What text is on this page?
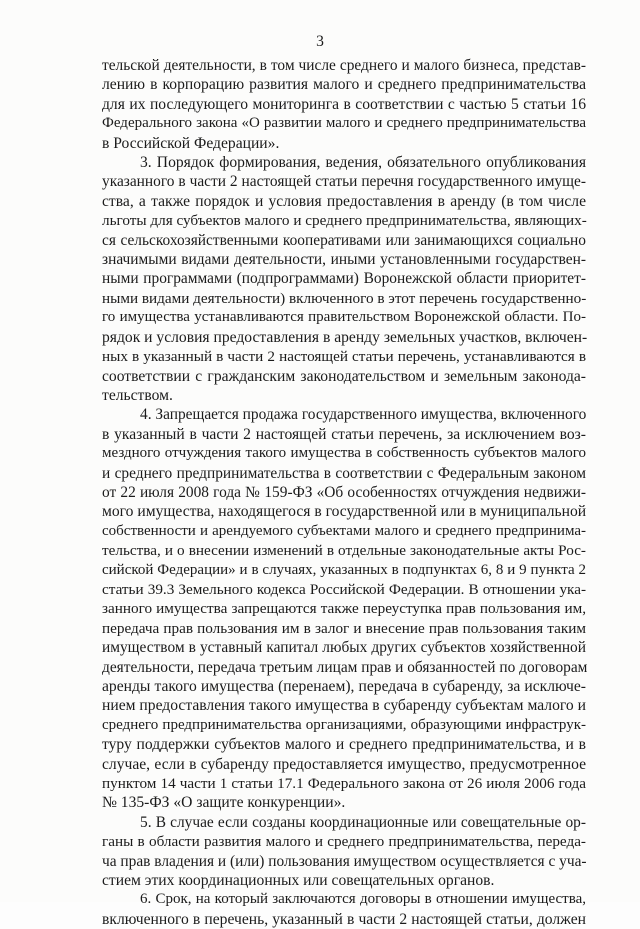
3
тельской деятельности, в том числе среднего и малого бизнеса, представ-
лению в корпорацию развития малого и среднего предпринимательства
для их последующего мониторинга в соответствии с частью 5 статьи 16
Федерального закона «О развитии малого и среднего предпринимательства
в Российской Федерации».
3. Порядок формирования, ведения, обязательного опубликования
указанного в части 2 настоящей статьи перечня государственного имуще-
ства, а также порядок и условия предоставления в аренду (в том числе
льготы для субъектов малого и среднего предпринимательства, являющих-
ся сельскохозяйственными кооперативами или занимающихся социально
значимыми видами деятельности, иными установленными государствен-
ными программами (подпрограммами) Воронежской области приоритет-
ными видами деятельности) включенного в этот перечень государственно-
го имущества устанавливаются правительством Воронежской области. По-
рядок и условия предоставления в аренду земельных участков, включен-
ных в указанный в части 2 настоящей статьи перечень, устанавливаются в
соответствии с гражданским законодательством и земельным законода-
тельством.
4. Запрещается продажа государственного имущества, включенного
в указанный в части 2 настоящей статьи перечень, за исключением воз-
мездного отчуждения такого имущества в собственность субъектов малого
и среднего предпринимательства в соответствии с Федеральным законом
от 22 июля 2008 года № 159-ФЗ «Об особенностях отчуждения недвижи-
мого имущества, находящегося в государственной или в муниципальной
собственности и арендуемого субъектами малого и среднего предпринима-
тельства, и о внесении изменений в отдельные законодательные акты Рос-
сийской Федерации» и в случаях, указанных в подпунктах 6, 8 и 9 пункта 2
статьи 39.3 Земельного кодекса Российской Федерации. В отношении ука-
занного имущества запрещаются также переуступка прав пользования им,
передача прав пользования им в залог и внесение прав пользования таким
имуществом в уставный капитал любых других субъектов хозяйственной
деятельности, передача третьим лицам прав и обязанностей по договорам
аренды такого имущества (перенаем), передача в субаренду, за исключе-
нием предоставления такого имущества в субаренду субъектам малого и
среднего предпринимательства организациями, образующими инфраструк-
туру поддержки субъектов малого и среднего предпринимательства, и в
случае, если в субаренду предоставляется имущество, предусмотренное
пунктом 14 части 1 статьи 17.1 Федерального закона от 26 июля 2006 года
№ 135-ФЗ «О защите конкуренции».
5. В случае если созданы координационные или совещательные ор-
ганы в области развития малого и среднего предпринимательства, переда-
ча прав владения и (или) пользования имуществом осуществляется с уча-
стием этих координационных или совещательных органов.
6. Срок, на который заключаются договоры в отношении имущества,
включенного в перечень, указанный в части 2 настоящей статьи, должен
